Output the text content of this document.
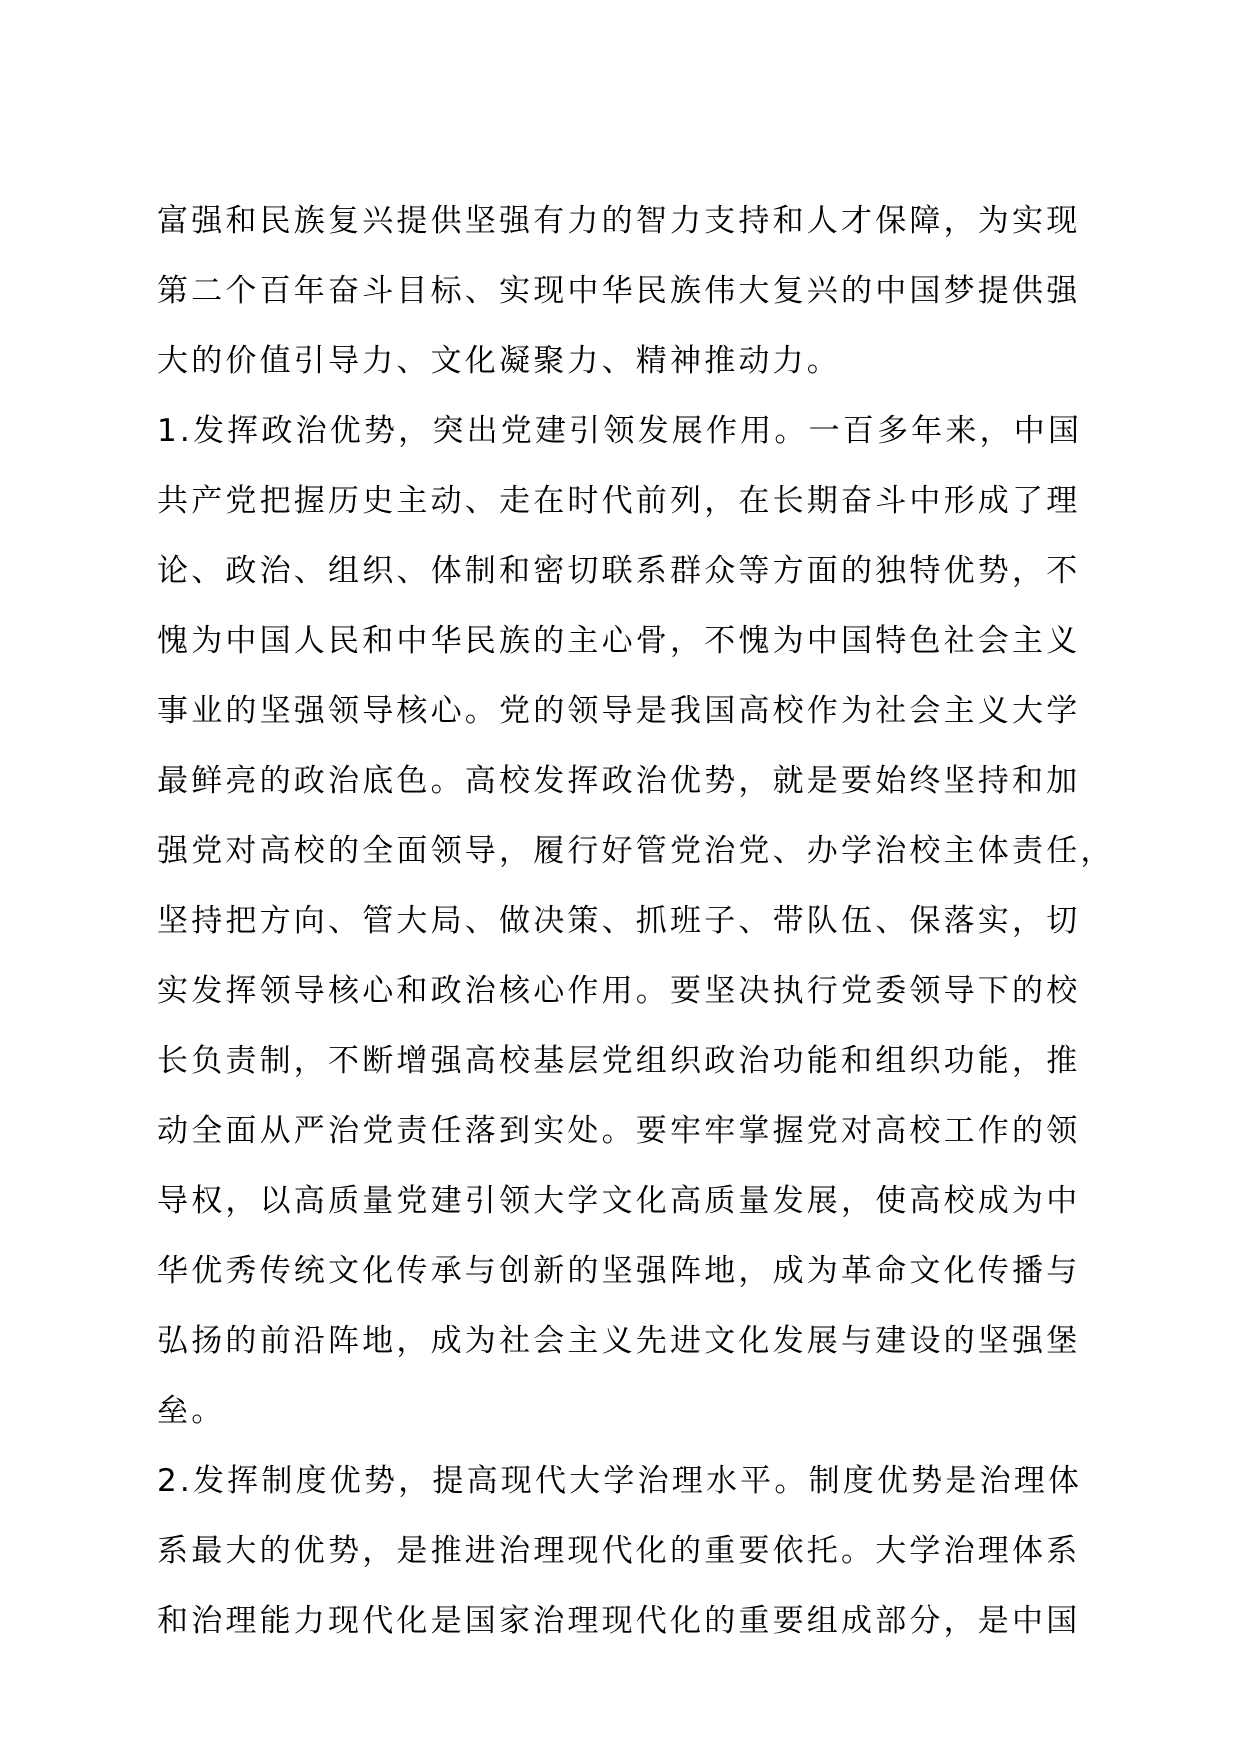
富强和民族复兴提供坚强有力的智力支持和人才保障，为实现
第二个百年奋斗目标、实现中华民族伟大复兴的中国梦提供强
大的价值引导力、文化凝聚力、精神推动力。
1.发挥政治优势，突出党建引领发展作用。一百多年来，中国
共产党把握历史主动、走在时代前列，在长期奋斗中形成了理
论、政治、组织、体制和密切联系群众等方面的独特优势，不
愧为中国人民和中华民族的主心骨，不愧为中国特色社会主义
事业的坚强领导核心。党的领导是我国高校作为社会主义大学
最鲜亮的政治底色。高校发挥政治优势，就是要始终坚持和加
强党对高校的全面领导，履行好管党治党、办学治校主体责任，
坚持把方向、管大局、做决策、抓班子、带队伍、保落实，切
实发挥领导核心和政治核心作用。要坚决执行党委领导下的校
长负责制，不断增强高校基层党组织政治功能和组织功能，推
动全面从严治党责任落到实处。要牢牢掌握党对高校工作的领
导权，以高质量党建引领大学文化高质量发展，使高校成为中
华优秀传统文化传承与创新的坚强阵地，成为革命文化传播与
弘扬的前沿阵地，成为社会主义先进文化发展与建设的坚强堡
垒。
2.发挥制度优势，提高现代大学治理水平。制度优势是治理体
系最大的优势，是推进治理现代化的重要依托。大学治理体系
和治理能力现代化是国家治理现代化的重要组成部分，是中国
